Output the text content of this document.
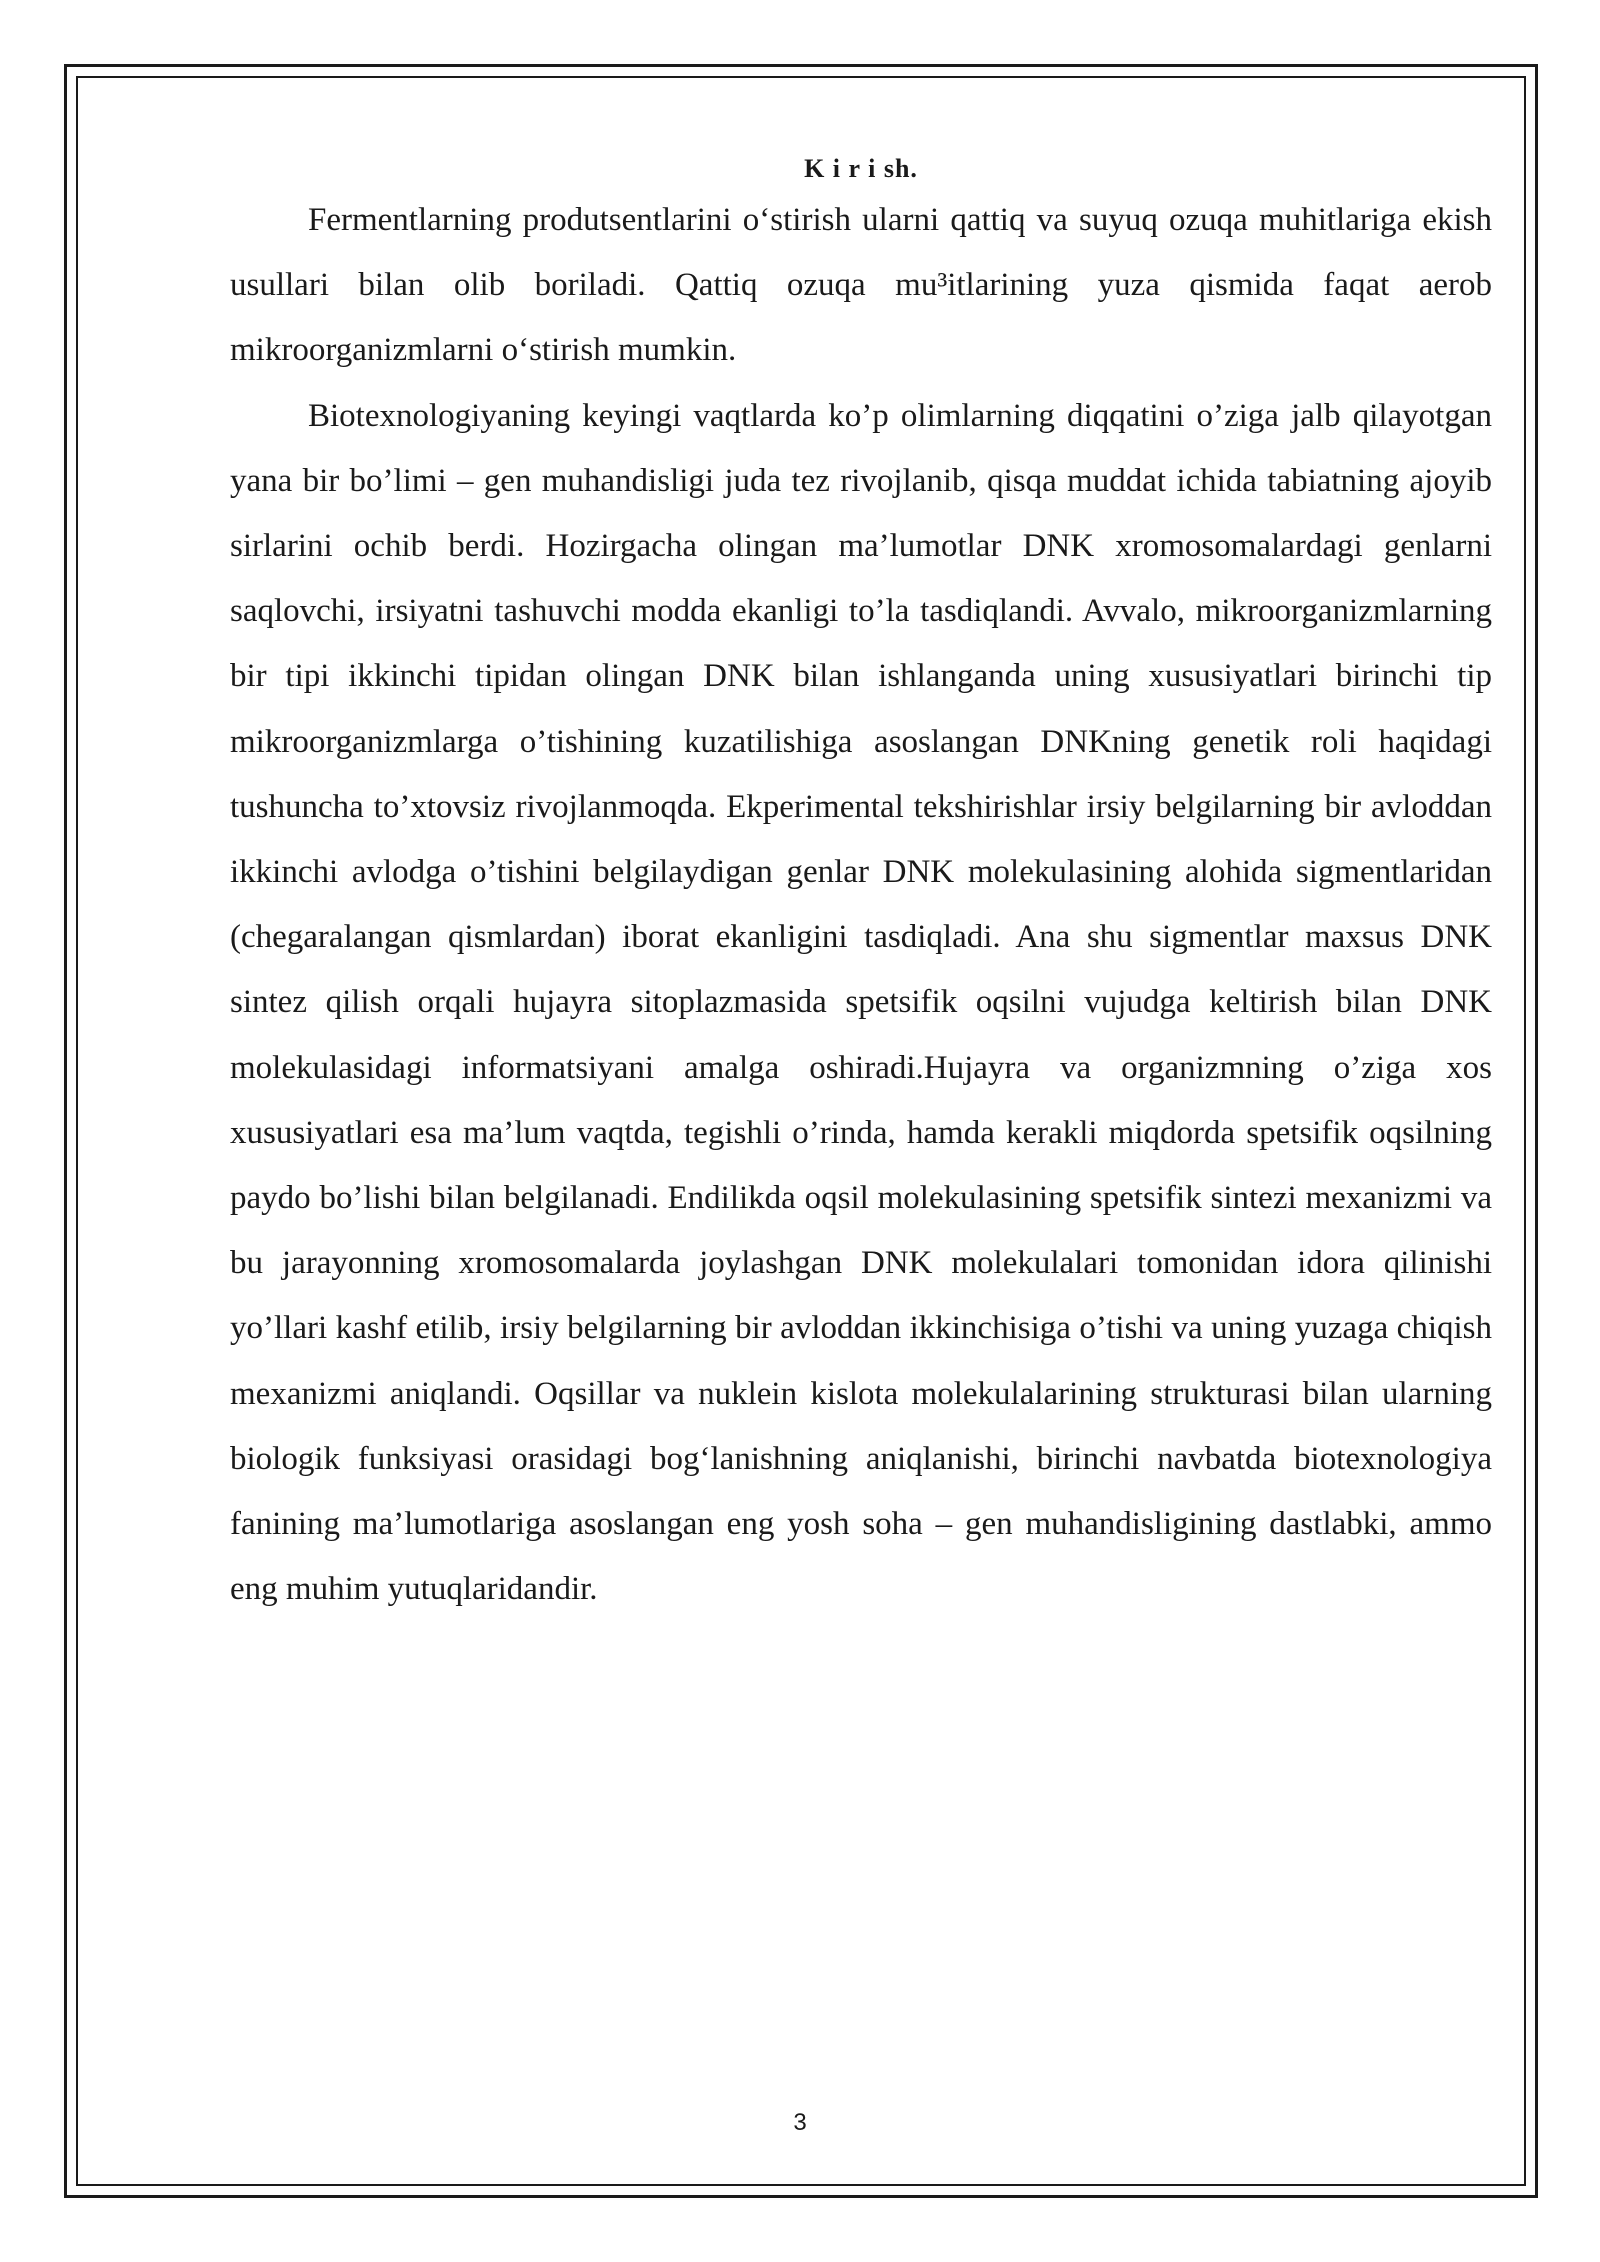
K i r i sh.

Fermentlarning produtsentlarini o‘stirish ularni qattiq va suyuq ozuqa muhitlariga ekish usullari bilan olib boriladi. Qattiq ozuqa mu³itlarining yuza qismida faqat aerob mikroorganizmlarni o‘stirish mumkin.

Biotexnologiyaning keyingi vaqtlarda ko’p olimlarning diqqatini o’ziga jalb qilayotgan yana bir bo’limi – gen muhandisligi juda tez rivojlanib, qisqa muddat ichida tabiatning ajoyib sirlarini ochib berdi. Hozirgacha olingan ma’lumotlar DNK xromosomalardagi genlarni saqlovchi, irsiyatni tashuvchi modda ekanligi to’la tasdiqlandi. Avvalo, mikroorganizmlarning bir tipi ikkinchi tipidan olingan DNK bilan ishlanganda uning xususiyatlari birinchi tip mikroorganizmlarga o’tishining kuzatilishiga asoslangan DNKning genetik roli haqidagi tushuncha to’xtovsiz rivojlanmoqda. Ekperimental tekshirishlar irsiy belgilarning bir avloddan ikkinchi avlodga o’tishini belgilaydigan genlar DNK molekulasining alohida sigmentlaridan (chegaralangan qismlardan) iborat ekanligini tasdiqladi. Ana shu sigmentlar maxsus DNK sintez qilish orqali hujayra sitoplazmasida spetsifik oqsilni vujudga keltirish bilan DNK molekulasidagi informatsiyani amalga oshiradi.Hujayra va organizmning o’ziga xos xususiyatlari esa ma’lum vaqtda, tegishli o’rinda, hamda kerakli miqdorda spetsifik oqsilning paydo bo’lishi bilan belgilanadi. Endilikda oqsil molekulasining spetsifik sintezi mexanizmi va bu jarayonning xromosomalarda joylashgan DNK molekulalari tomonidan idora qilinishi yo’llari kashf etilib, irsiy belgilarning bir avloddan ikkinchisiga o’tishi va uning yuzaga chiqish mexanizmi aniqlandi. Oqsillar va nuklein kislota molekulalarining strukturasi bilan ularning biologik funksiyasi orasidagi bog‘lanishning aniqlanishi, birinchi navbatda biotexnologiya fanining ma’lumotlariga asoslangan eng yosh soha – gen muhandisligining dastlabki, ammo eng muhim yutuqlaridandir.

3
